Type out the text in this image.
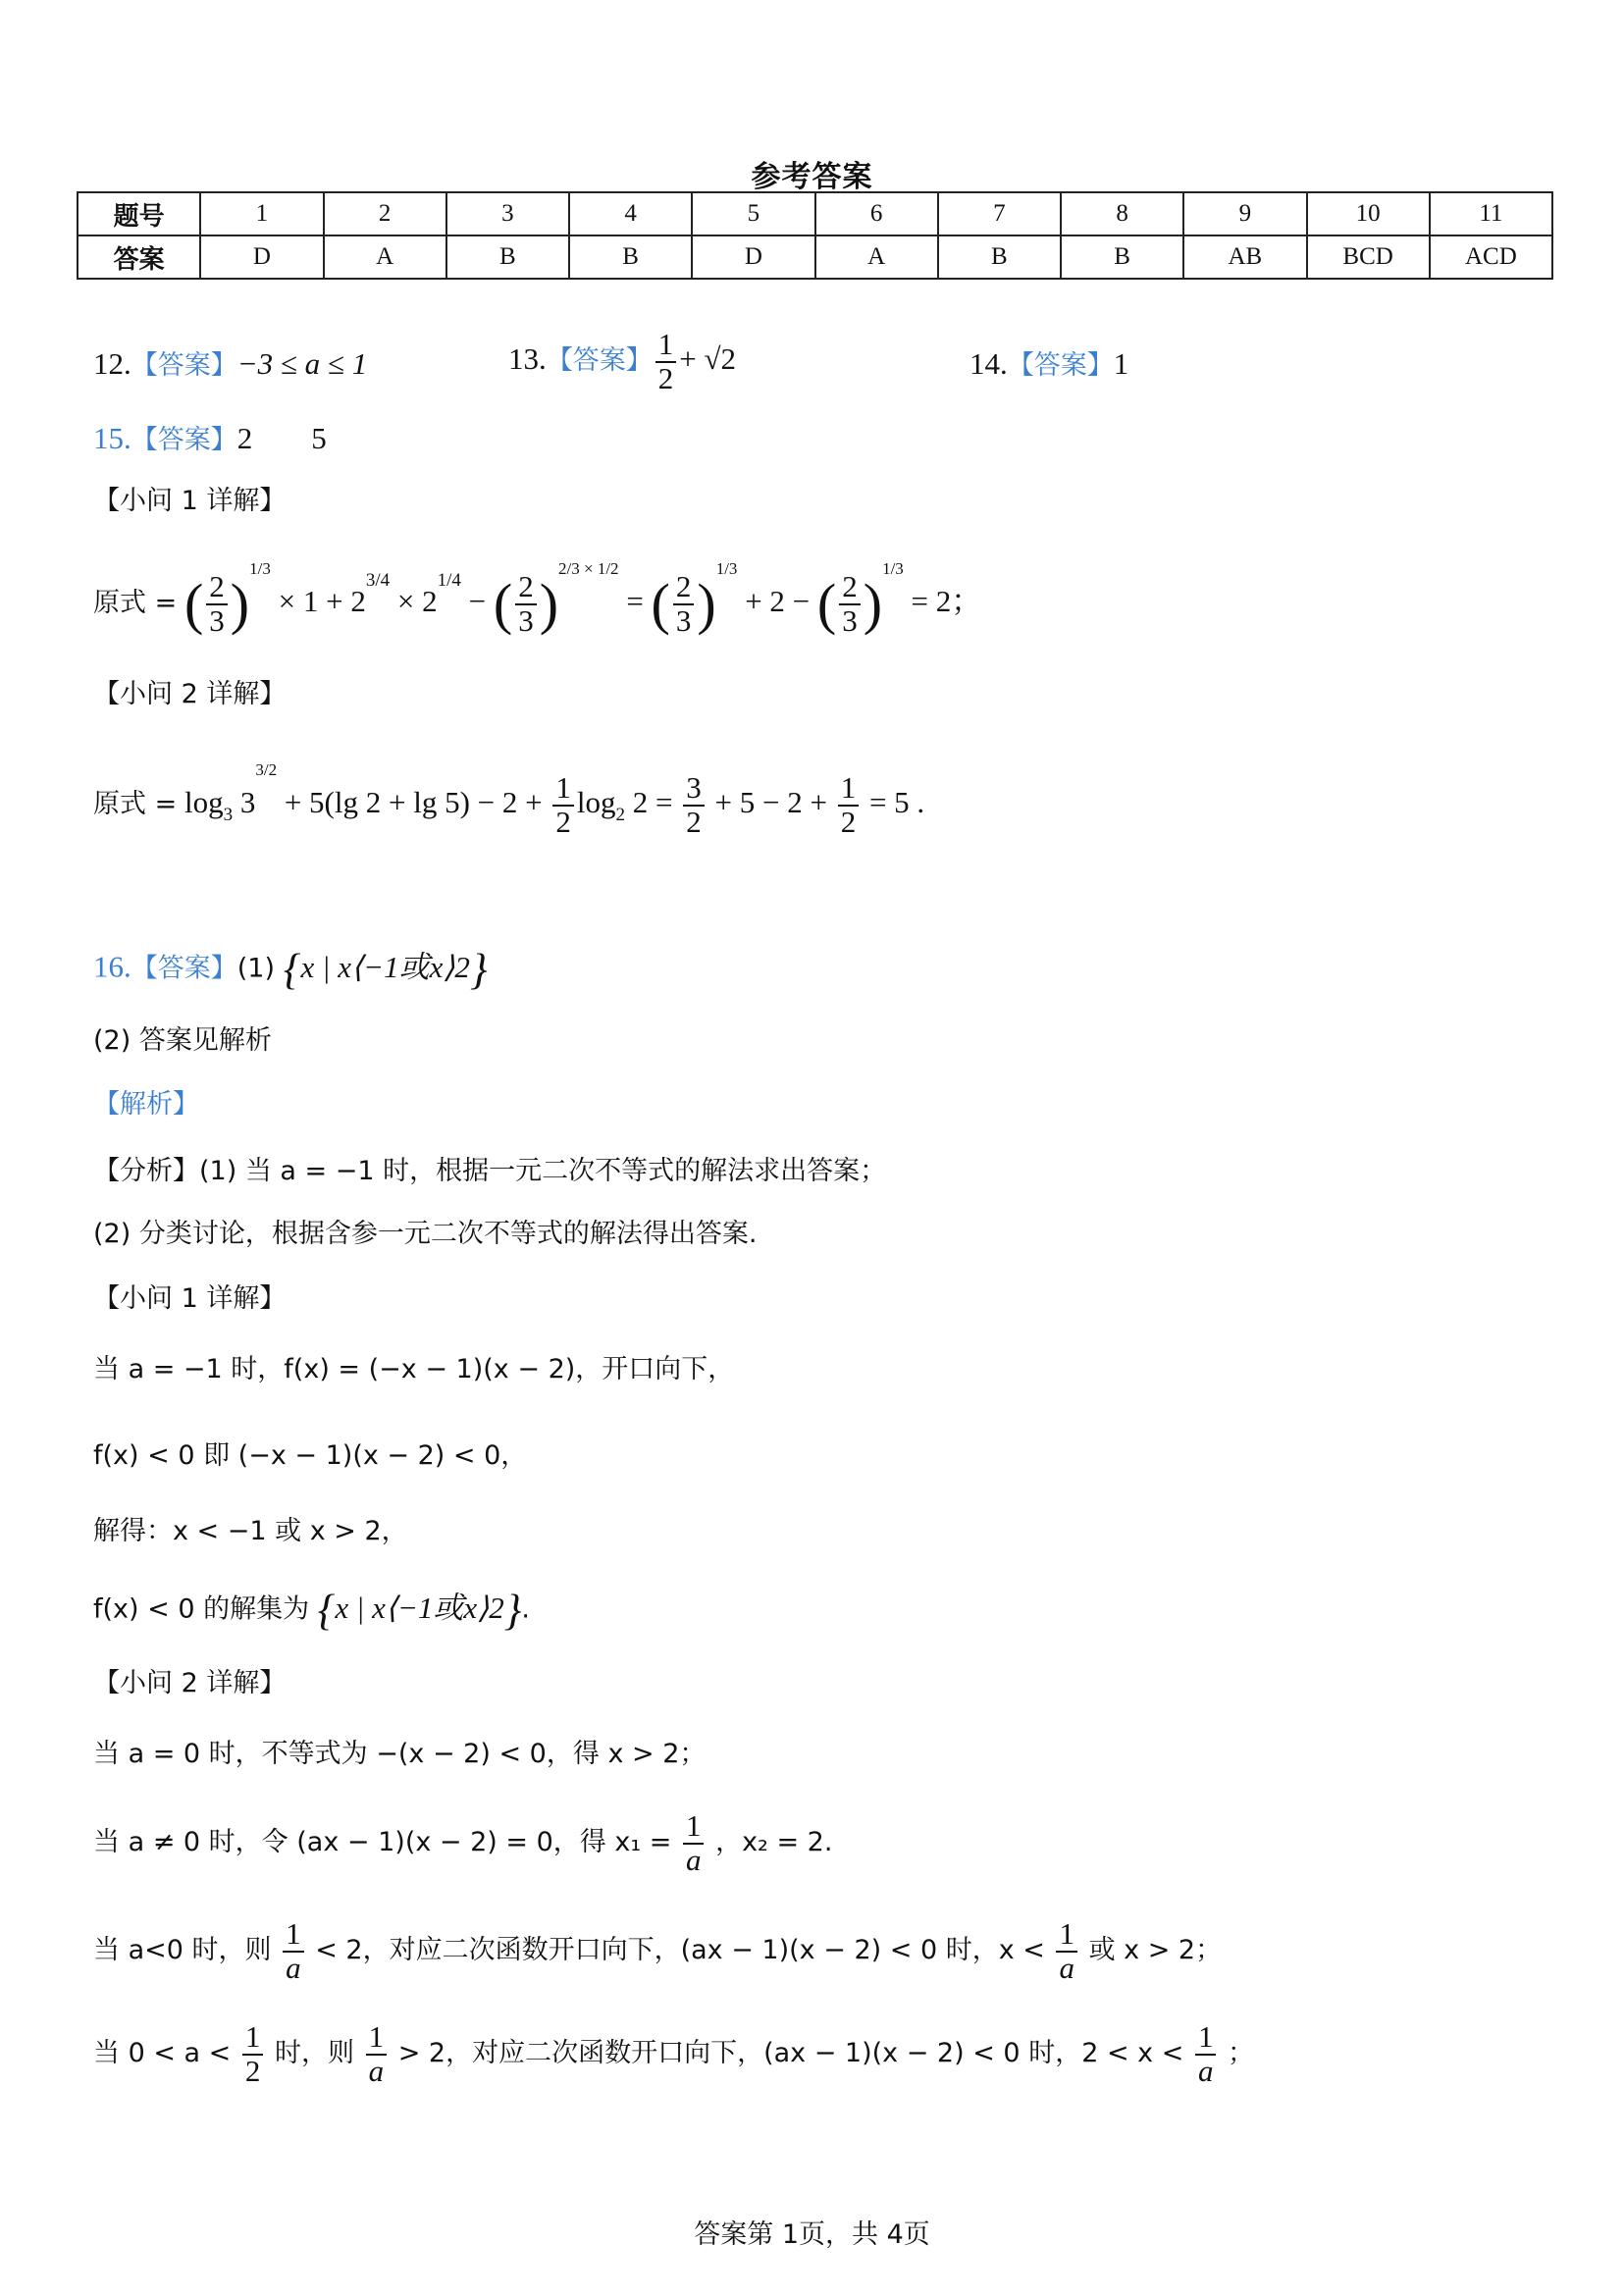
参考答案
题号	1	2	3	4	5	6	7	8	9	10	11
答案	D	A	B	B	D	A	B	B	AB	BCD	ACD
12.【答案】−3 ≤ a ≤ 1	13.【答案】 $\frac{1}{2} + √2$	14.【答案】1
15.【答案】2 5
【小问 1 详解】
原式 = ( $\frac{2}{3} )^{1/3} \times 1 + 2^{3/4} \times 2^{1/4}$ − ( $\frac{2}{3} )^{2/3 \times 1/2}$ = ( $\frac{2}{3} )^{1/3} + 2$ − ( $\frac{2}{3} )^{1/3} = 2$；
【小问 2 详解】
原式 = $\log_3 3^{3/2} + 5(\lg$ $2 + \lg 5) - 2 + \frac{1}{2} \log_2 2 = \frac{3}{2} + 5 - 2 + \frac{1}{2} = 5$ .
16.【答案】(1) {x | x⟨−1或x⟩2}
(2) 答案见解析
【解析】
【分析】(1) 当 a = −1 时，根据一元二次不等式的解法求出答案；
(2) 分类讨论，根据含参一元二次不等式的解法得出答案.
【小问 1 详解】
当 a = −1 时，f(x) = (−x − 1)(x − 2)，开口向下，
f(x) < 0 即 (−x − 1)(x − 2) < 0，
解得：x < −1 或 x > 2，
f(x) < 0 的解集为 {x | x⟨−1或x⟩2}.
【小问 2 详解】
当 a = 0 时，不等式为 −(x − 2) < 0，得 x > 2；
当 a ≠ 0 时，令 (ax − 1)(x − 2) = 0，得 $x_1 = \frac{1}{a}$ ，x₂ = 2.
当 a<0 时，则 $\frac{1}{a} < 2$，对应二次函数开口向下，(ax − 1)(x − 2) < 0 时，$x < \frac{1}{a}$ 或 x > 2；
当 $0 < a < \frac{1}{2}$ 时，则 $\frac{1}{a} > 2$，对应二次函数开口向下，(ax − 1)(x − 2) < 0 时，$2 < x < \frac{1}{a}$ ；
答案第 1页，共 4页
